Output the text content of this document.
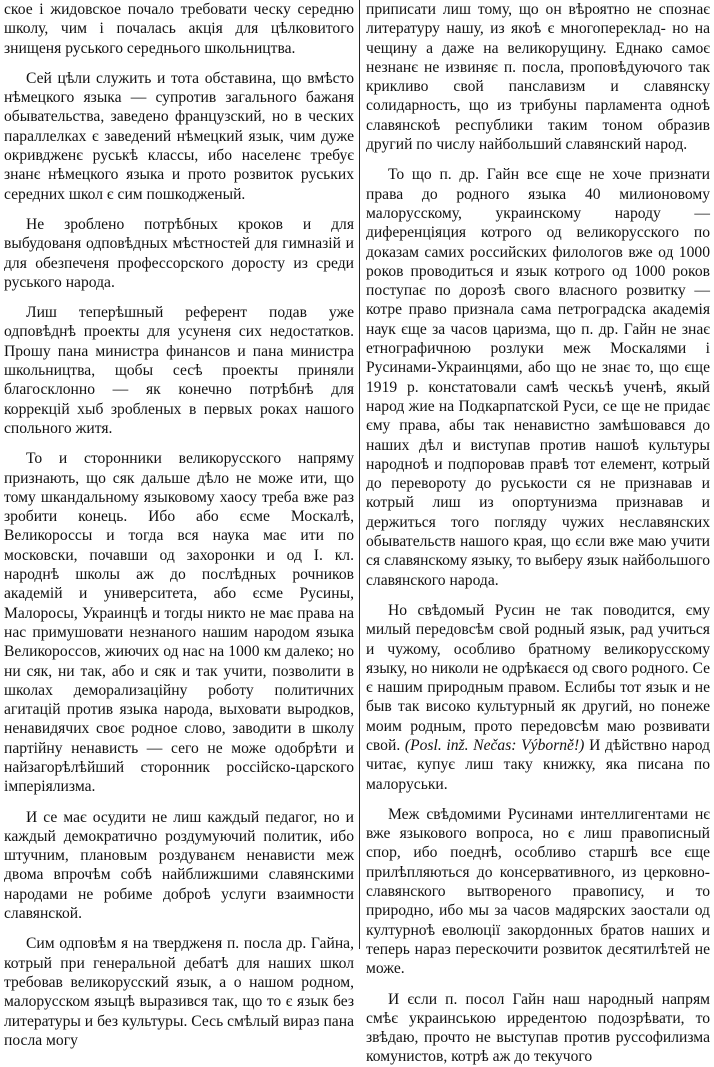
ское і жидовское почало требовати ческу середню школу, чим і почалась акція для цѣлковитого знищеня руського середнього школьництва.

Сей цѣли служить и тота обставина, що вмѣсто нѣмецкого языка — супротив загального бажаня обывательства, заведено французский, но в ческих параллелках є заведений нѣмецкий язык, чим дуже окривдженє руськѣ классы, ибо населенє требує знанє нѣмецкого языка и прото розвиток руських середних школ є сим пошкодженый.

Не зроблено потрѣбных кроков и для выбудованя одповѣдных мѣстностей для гимназій и для обезпеченя профессорского доросту из среди руського народа.

Лиш теперѣшный референт подав уже одповѣднѣ проекты для усуненя сих недостатков. Прошу пана министра финансов и пана министра школьництва, щобы сесѣ проекты приняли благосклонно — як конечно потрѣбнѣ для коррекцій хыб зробленых в первых роках нашого спольного житя.

То и сторонники великорусского напряму признають, що сяк дальше дѣло не може ити, що тому шкандальному языковому хаосу треба вже раз зробити конець. Ибо або єсме Москалѣ, Великороссы и тогда вся наука має ити по московски, почавши од захоронки и од I. кл. народнѣ школы аж до послѣдных рочников академій и университета, або єсме Русины, Малоросы, Украинцѣ и тогды никто не має права на нас примушовати незнаного нашим народом языка Великороссов, жиючих од нас на 1000 км далеко; но ни сяк, ни так, або и сяк и так учити, позволити в школах деморализаційну роботу политичних агитацій против языка народа, выховати выродков, ненавидячих своє родное слово, заводити в школу партійну ненависть — сего не може одобрѣти и найзагорѣлѣйший сторонник россійско-царского імперіялизма.

И се має осудити не лиш каждый педагог, но и каждый демократично роздумуючий политик, ибо штучним, плановым роздуванєм ненависти меж двома впрочѣм собѣ найближшими славянскими народами не робиме доброѣ услуги взаимности славянской.

Сим одповѣм я на твердженя п. посла др. Гайна, котрый при генеральной дебатѣ для наших школ требовав великорусский язык, а о нашом родном, малорусском языцѣ выразився так, що то є язык без литературы и без культуры. Сесь смѣлый вираз пана посла могу

приписати лиш тому, що он вѣроятно не спознає литературу нашу, из якоѣ є многопереклад- но на чещину а даже на великорущину. Еднако самоє незнанє не извиняє п. посла, проповѣдуючого так крикливо свой панславизм и славянску солидарность, що из трибуны парламента одноѣ славянскоѣ республики таким тоном образив другий по числу найбольший славянский народ.

То що п. др. Гайн все єще не хоче признати права до родного языка 40 милионовому малорусскому, украинскому народу — диференціяция котрого од великорусского по доказам самих российских филологов вже од 1000 роков проводиться и язык котрого од 1000 роков поступає по дорозѣ свого власного розвитку — котре право признала сама петроградска академія наук єще за часов царизма, що п. др. Гайн не знає етнографичною розлуки меж Москалями і Русинами-Украинцями, або що не знає то, що єще 1919 р. констатовали самѣ ческьѣ ученѣ, якый народ жие на Подкарпатской Руси, се ще не придає єму права, абы так ненавистно замѣшовався до наших дѣл и виступав против нашоѣ культуры народноѣ и подпоровав правѣ тот елемент, котрый до переворотy до руськости ся не признавав и котрый лиш из опортунизма признавав и держиться того погляду чужих неславянских обывательств нашого края, що єсли вже маю учити ся славянскому языку, то выберу язык найбольшого славянского народа.

Но свѣдомый Русин не так поводится, єму милый передовсѣм свой родный язык, рад учиться и чужому, особливо братному великорусскому языку, но николи не одрѣкаєся од свого родного. Се є нашим природным правом. Еслибы тот язык и не быв так високо культурный як другий, но понеже моим родным, прото передовсѣм маю розвивати свой. (Posl. inž. Nečas: Výborně!) И дѣйствно народ читає, купує лиш таку книжку, яка писана по малоруськи.

Меж свѣдомими Русинами интеллигентами нє вже языкового вопроса, но є лиш правописный спор, ибо поеднѣ, особливо старшѣ все єще прилѣпляються до консервативного, из церковно-славянского вытвореного правопису, и то природно, ибо мы за часов мадярских заостали од културноѣ еволюції закордонных братов наших и теперь нараз перескочити розвиток десятилѣтей не може.

И єсли п. посол Гайн наш народный напрям смѣє украинською ирредентою подозрѣвати, то звѣдаю, прочто не выступав против руссофилизма комунистов, котрѣ аж до текучого
